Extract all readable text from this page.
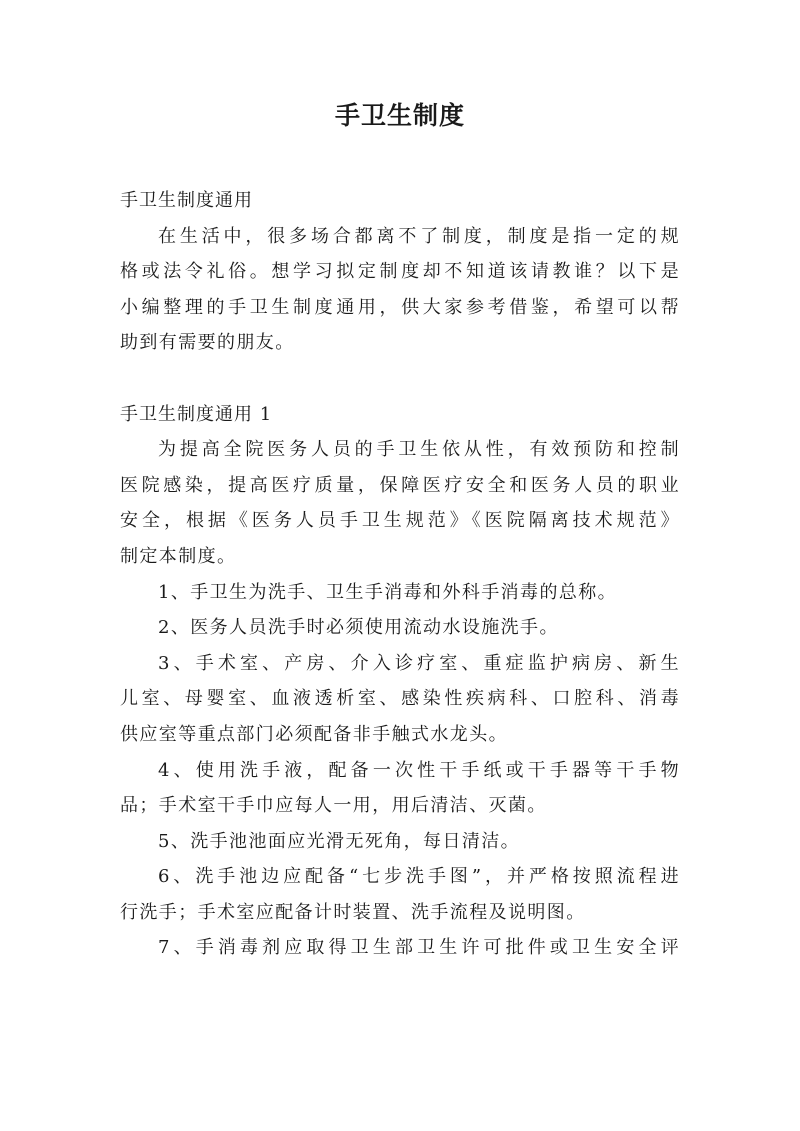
手卫生制度
手卫生制度通用
在生活中，很多场合都离不了制度，制度是指一定的规
格或法令礼俗。想学习拟定制度却不知道该请教谁？以下是
小编整理的手卫生制度通用，供大家参考借鉴，希望可以帮
助到有需要的朋友。
手卫生制度通用 1
为提高全院医务人员的手卫生依从性，有效预防和控制
医院感染，提高医疗质量，保障医疗安全和医务人员的职业
安全，根据《医务人员手卫生规范》《医院隔离技术规范》
制定本制度。
1、手卫生为洗手、卫生手消毒和外科手消毒的总称。
2、医务人员洗手时必须使用流动水设施洗手。
3、手术室、产房、介入诊疗室、重症监护病房、新生
儿室、母婴室、血液透析室、感染性疾病科、口腔科、消毒
供应室等重点部门必须配备非手触式水龙头。
4、使用洗手液，配备一次性干手纸或干手器等干手物
品；手术室干手巾应每人一用，用后清洁、灭菌。
5、洗手池池面应光滑无死角，每日清洁。
6、洗手池边应配备“七步洗手图”，并严格按照流程进
行洗手；手术室应配备计时装置、洗手流程及说明图。
7、手消毒剂应取得卫生部卫生许可批件或卫生安全评
